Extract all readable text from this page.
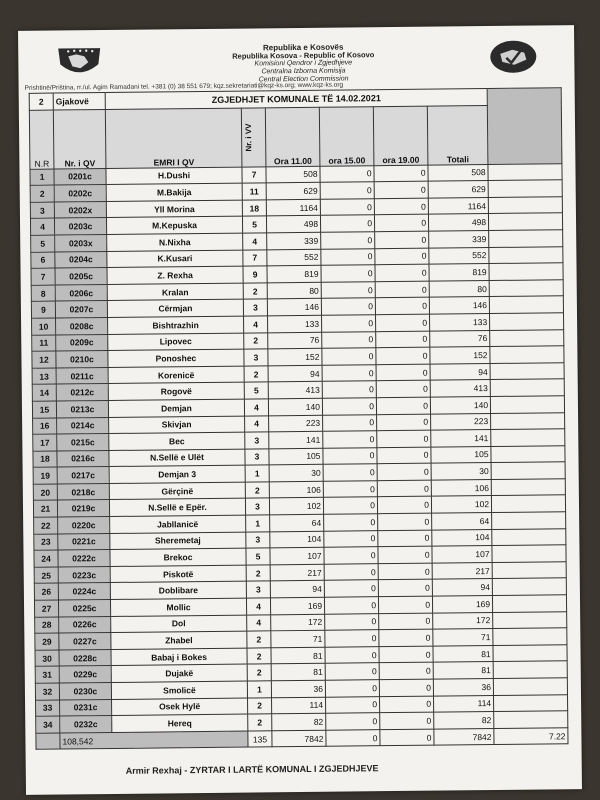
Republika e Kosovës
Republika Kosova - Republic of Kosovo
Komisioni Qendror i Zgjedhjeve
Centralna Izborna Komisija
Central Election Commission
Prishtinë/Priština, rr./ul. Agim Ramadani tel. +381 (0) 38 551 679; kqz.sekretariati@kqz-ks.org; www.kqz-ks.org
2	Gjakovë	ZGJEDHJET KOMUNALE TË 14.02.2021						
N.R	Nr. i QV	EMRI I QV	Nr. i VV	Ora 11.00	ora 15.00	ora 19.00	Totali	
1	0201c	H.Dushi	7	508	0	0	508	
2	0202c	M.Bakija	11	629	0	0	629	
3	0202x	Yll Morina	18	1164	0	0	1164	
4	0203c	M.Kepuska	5	498	0	0	498	
5	0203x	N.Nixha	4	339	0	0	339	
6	0204c	K.Kusari	7	552	0	0	552	
7	0205c	Z. Rexha	9	819	0	0	819	
8	0206c	Kralan	2	80	0	0	80	
9	0207c	Cërmjan	3	146	0	0	146	
10	0208c	Bishtrazhin	4	133	0	0	133	
11	0209c	Lipovec	2	76	0	0	76	
12	0210c	Ponoshec	3	152	0	0	152	
13	0211c	Korenicë	2	94	0	0	94	
14	0212c	Rogovë	5	413	0	0	413	
15	0213c	Demjan	4	140	0	0	140	
16	0214c	Skivjan	4	223	0	0	223	
17	0215c	Bec	3	141	0	0	141	
18	0216c	N.Sellë e Ulët	3	105	0	0	105	
19	0217c	Demjan 3	1	30	0	0	30	
20	0218c	Gërçinë	2	106	0	0	106	
21	0219c	N.Sellë e Epër.	3	102	0	0	102	
22	0220c	Jabllanicë	1	64	0	0	64	
23	0221c	Sheremetaj	3	104	0	0	104	
24	0222c	Brekoc	5	107	0	0	107	
25	0223c	Piskotë	2	217	0	0	217	
26	0224c	Doblibare	3	94	0	0	94	
27	0225c	Mollic	4	169	0	0	169	
28	0226c	Dol	4	172	0	0	172	
29	0227c	Zhabel	2	71	0	0	71	
30	0228c	Babaj i Bokes	2	81	0	0	81	
31	0229c	Dujakë	2	81	0	0	81	
32	0230c	Smolicë	1	36	0	0	36	
33	0231c	Osek Hylë	2	114	0	0	114	
34	0232c	Hereq	2	82	0	0	82	
	108,542		135	7842	0	0	7842	7.22
Armir Rexhaj - ZYRTAR I LARTË KOMUNAL I ZGJEDHJEVE
